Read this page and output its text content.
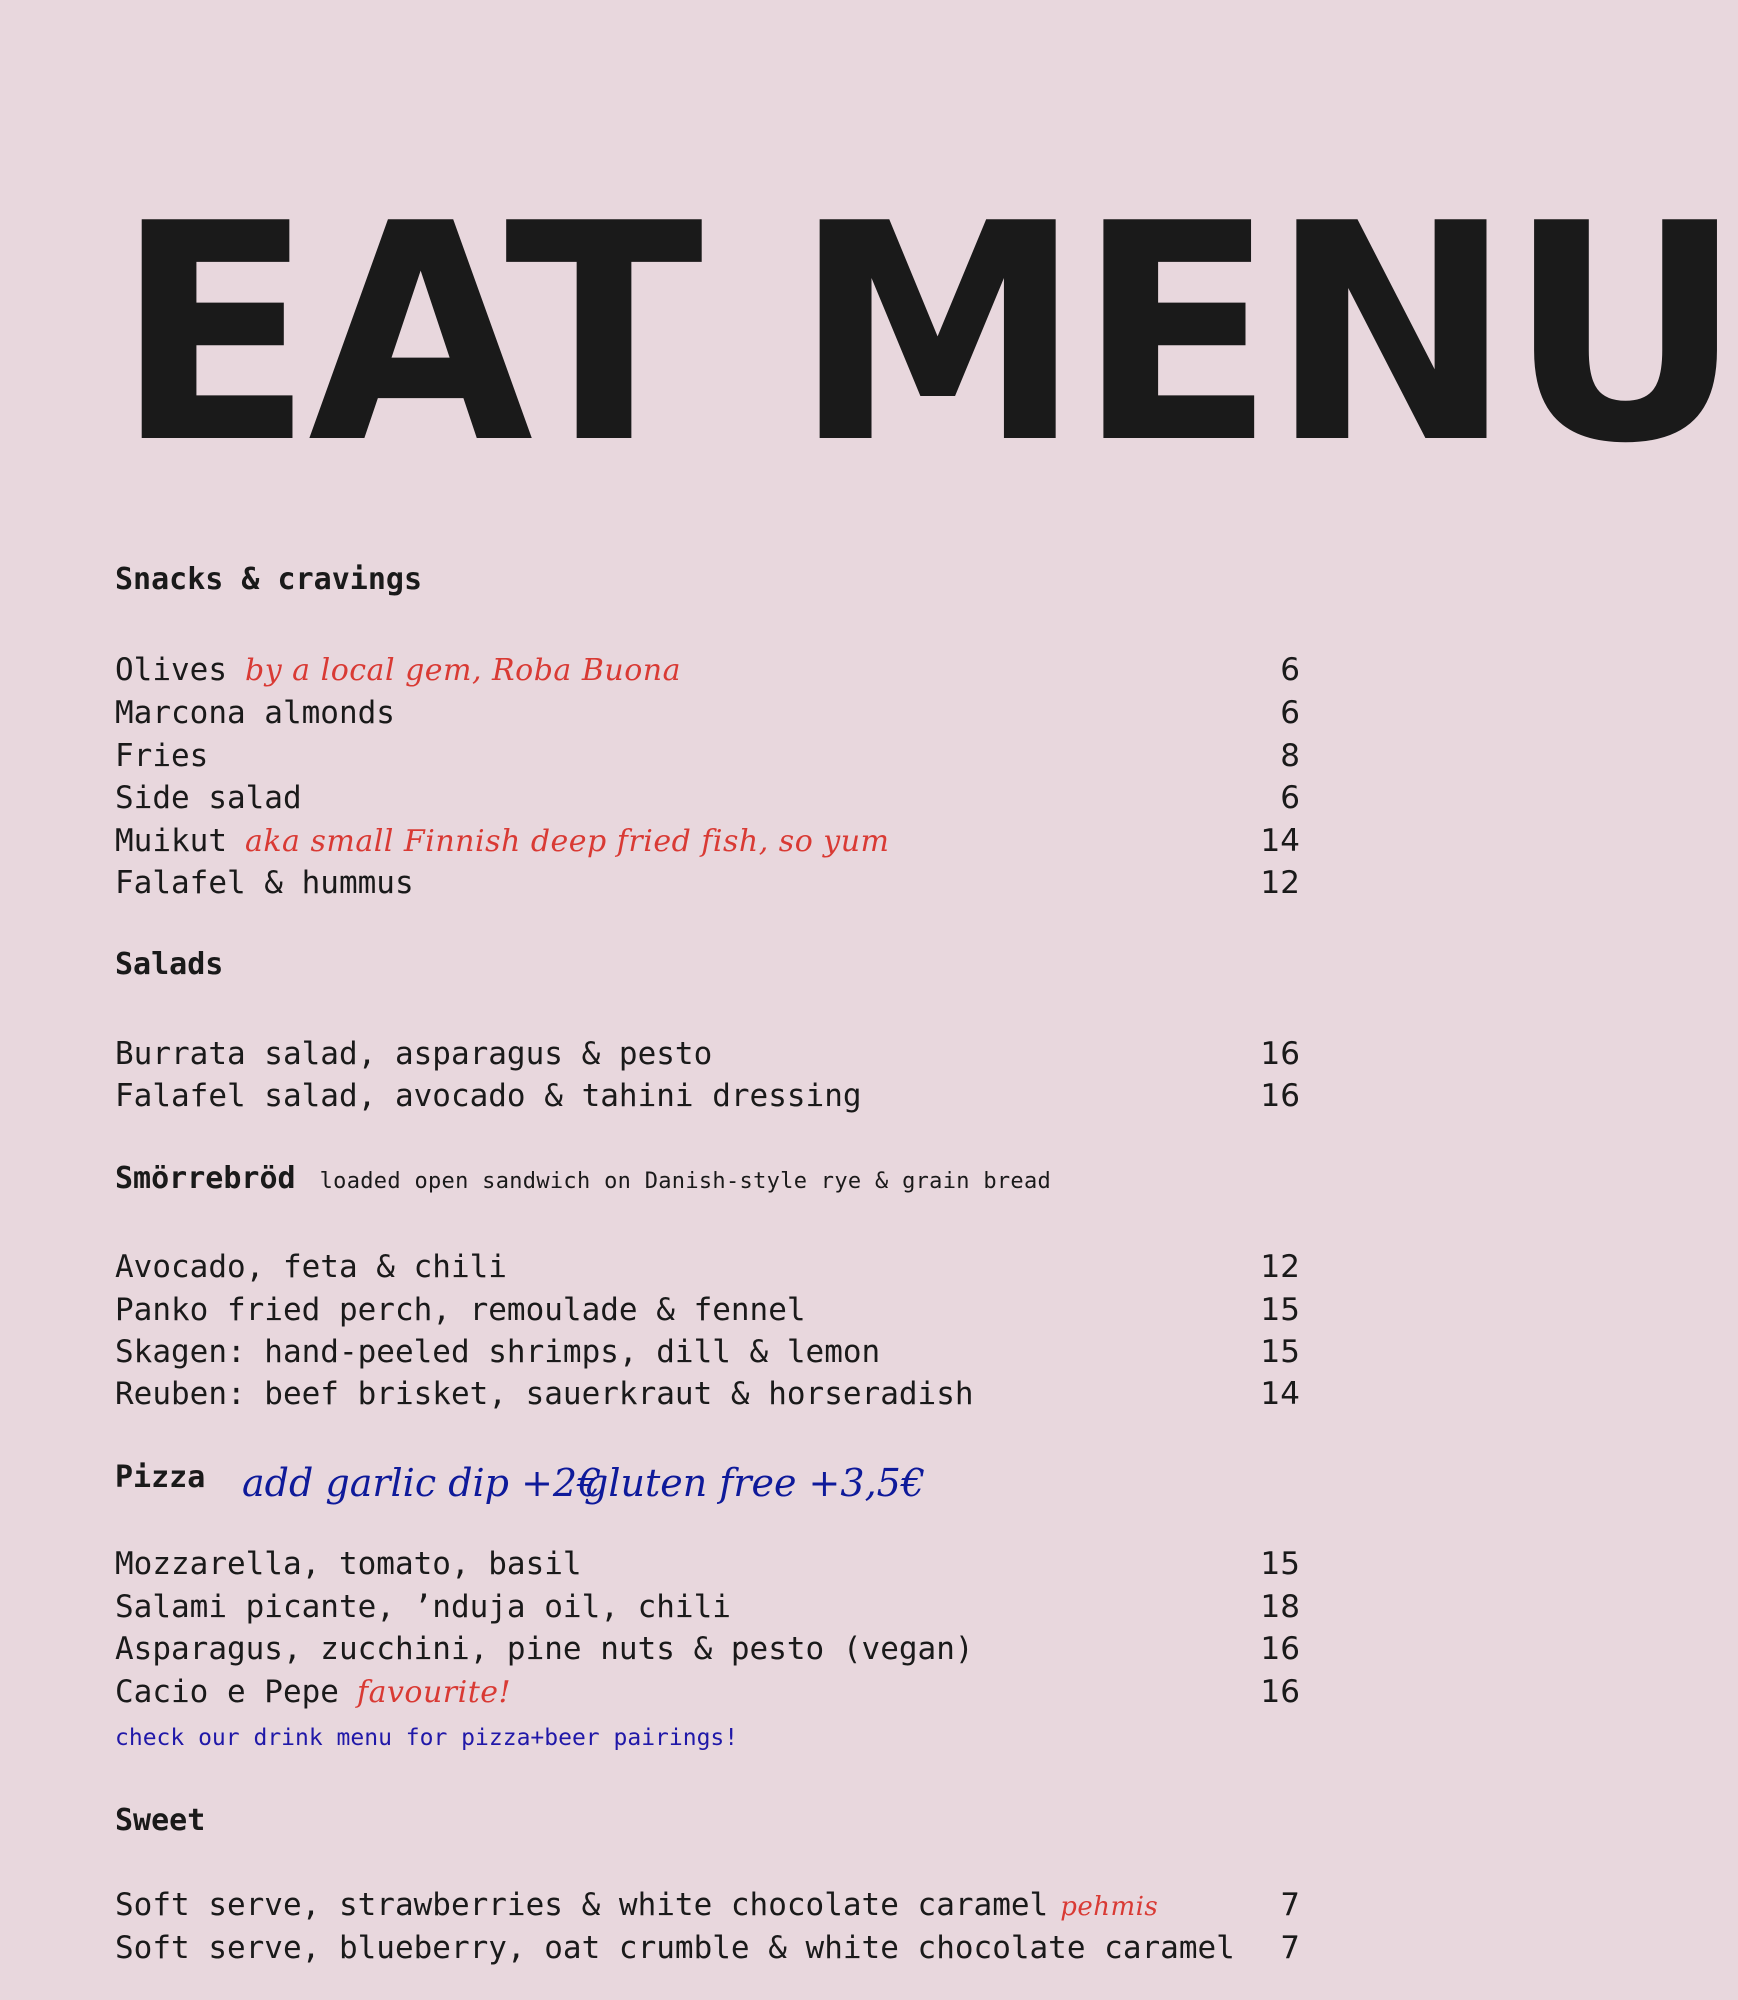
EAT MENU
Snacks & cravings
Olives by a local gem, Roba Buona	6
Marcona almonds	6
Fries	8
Side salad	6
Muikut aka small Finnish deep fried fish, so yum	14
Falafel & hummus	12
Salads
Burrata salad, asparagus & pesto	16
Falafel salad, avocado & tahini dressing	16
Smörrebröd loaded open sandwich on Danish-style rye & grain bread
Avocado, feta & chili	12
Panko fried perch, remoulade & fennel	15
Skagen: hand-peeled shrimps, dill & lemon	15
Reuben: beef brisket, sauerkraut & horseradish	14
Pizza add garlic dip +2€
gluten free +3,5€
Mozzarella, tomato, basil	15
Salami picante, ’nduja oil, chili	18
Asparagus, zucchini, pine nuts & pesto (vegan)	16
Cacio e Pepe favourite!	16
check our drink menu for pizza+beer pairings!
Sweet
Soft serve, strawberries & white chocolate caramel pehmis	7
Soft serve, blueberry, oat crumble & white chocolate caramel 7
